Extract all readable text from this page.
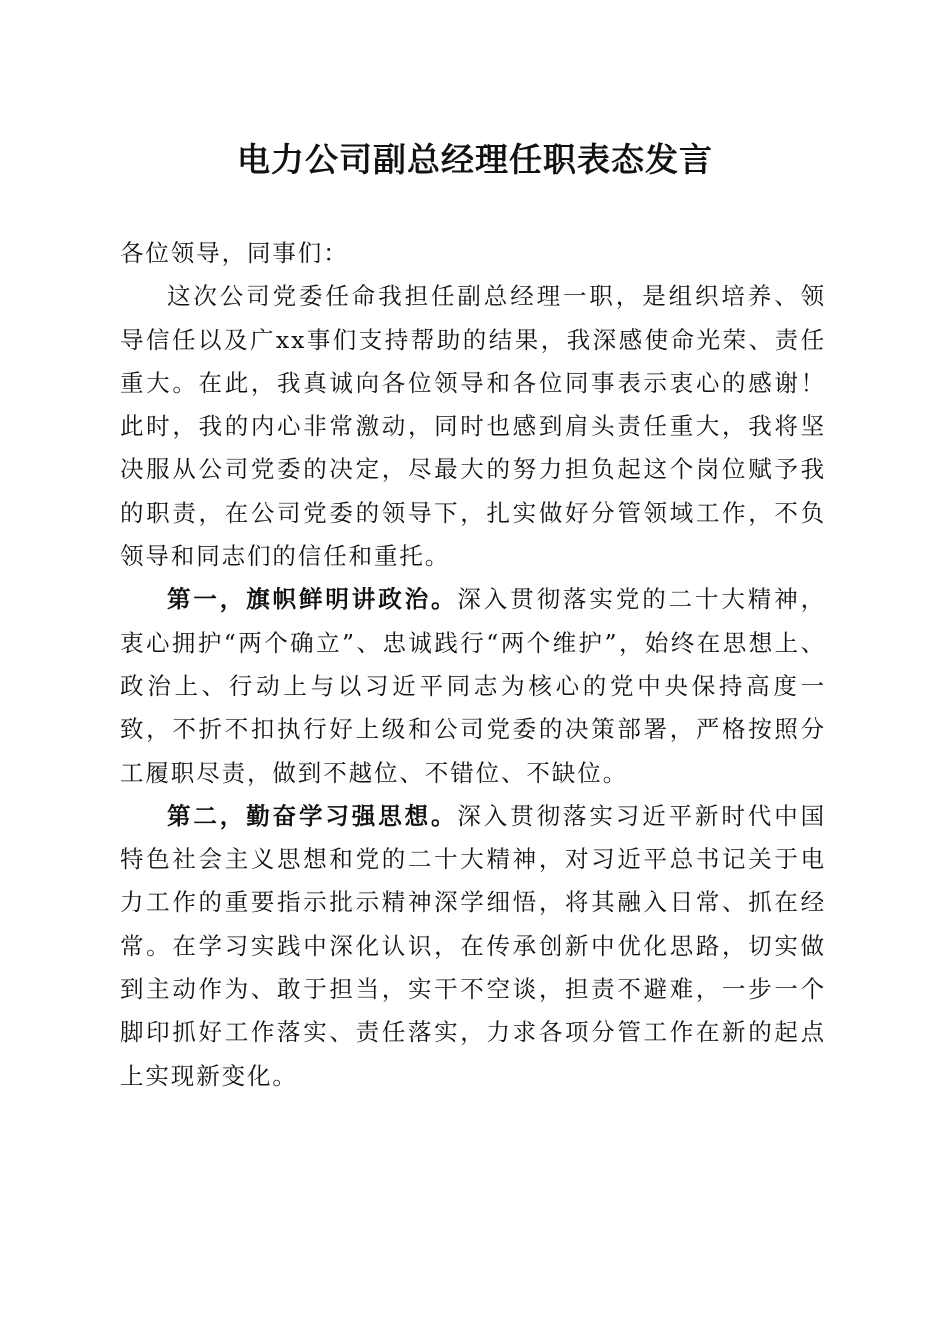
电力公司副总经理任职表态发言

各位领导，同事们：

这次公司党委任命我担任副总经理一职，是组织培养、领导信任以及广xx事们支持帮助的结果，我深感使命光荣、责任重大。在此，我真诚向各位领导和各位同事表示衷心的感谢！此时，我的内心非常激动，同时也感到肩头责任重大，我将坚决服从公司党委的决定，尽最大的努力担负起这个岗位赋予我的职责，在公司党委的领导下，扎实做好分管领域工作，不负领导和同志们的信任和重托。

第一，旗帜鲜明讲政治。深入贯彻落实党的二十大精神，衷心拥护“两个确立”、忠诚践行“两个维护”，始终在思想上、政治上、行动上与以习近平同志为核心的党中央保持高度一致，不折不扣执行好上级和公司党委的决策部署，严格按照分工履职尽责，做到不越位、不错位、不缺位。

第二，勤奋学习强思想。深入贯彻落实习近平新时代中国特色社会主义思想和党的二十大精神，对习近平总书记关于电力工作的重要指示批示精神深学细悟，将其融入日常、抓在经常。在学习实践中深化认识，在传承创新中优化思路，切实做到主动作为、敢于担当，实干不空谈，担责不避难，一步一个脚印抓好工作落实、责任落实，力求各项分管工作在新的起点上实现新变化。
